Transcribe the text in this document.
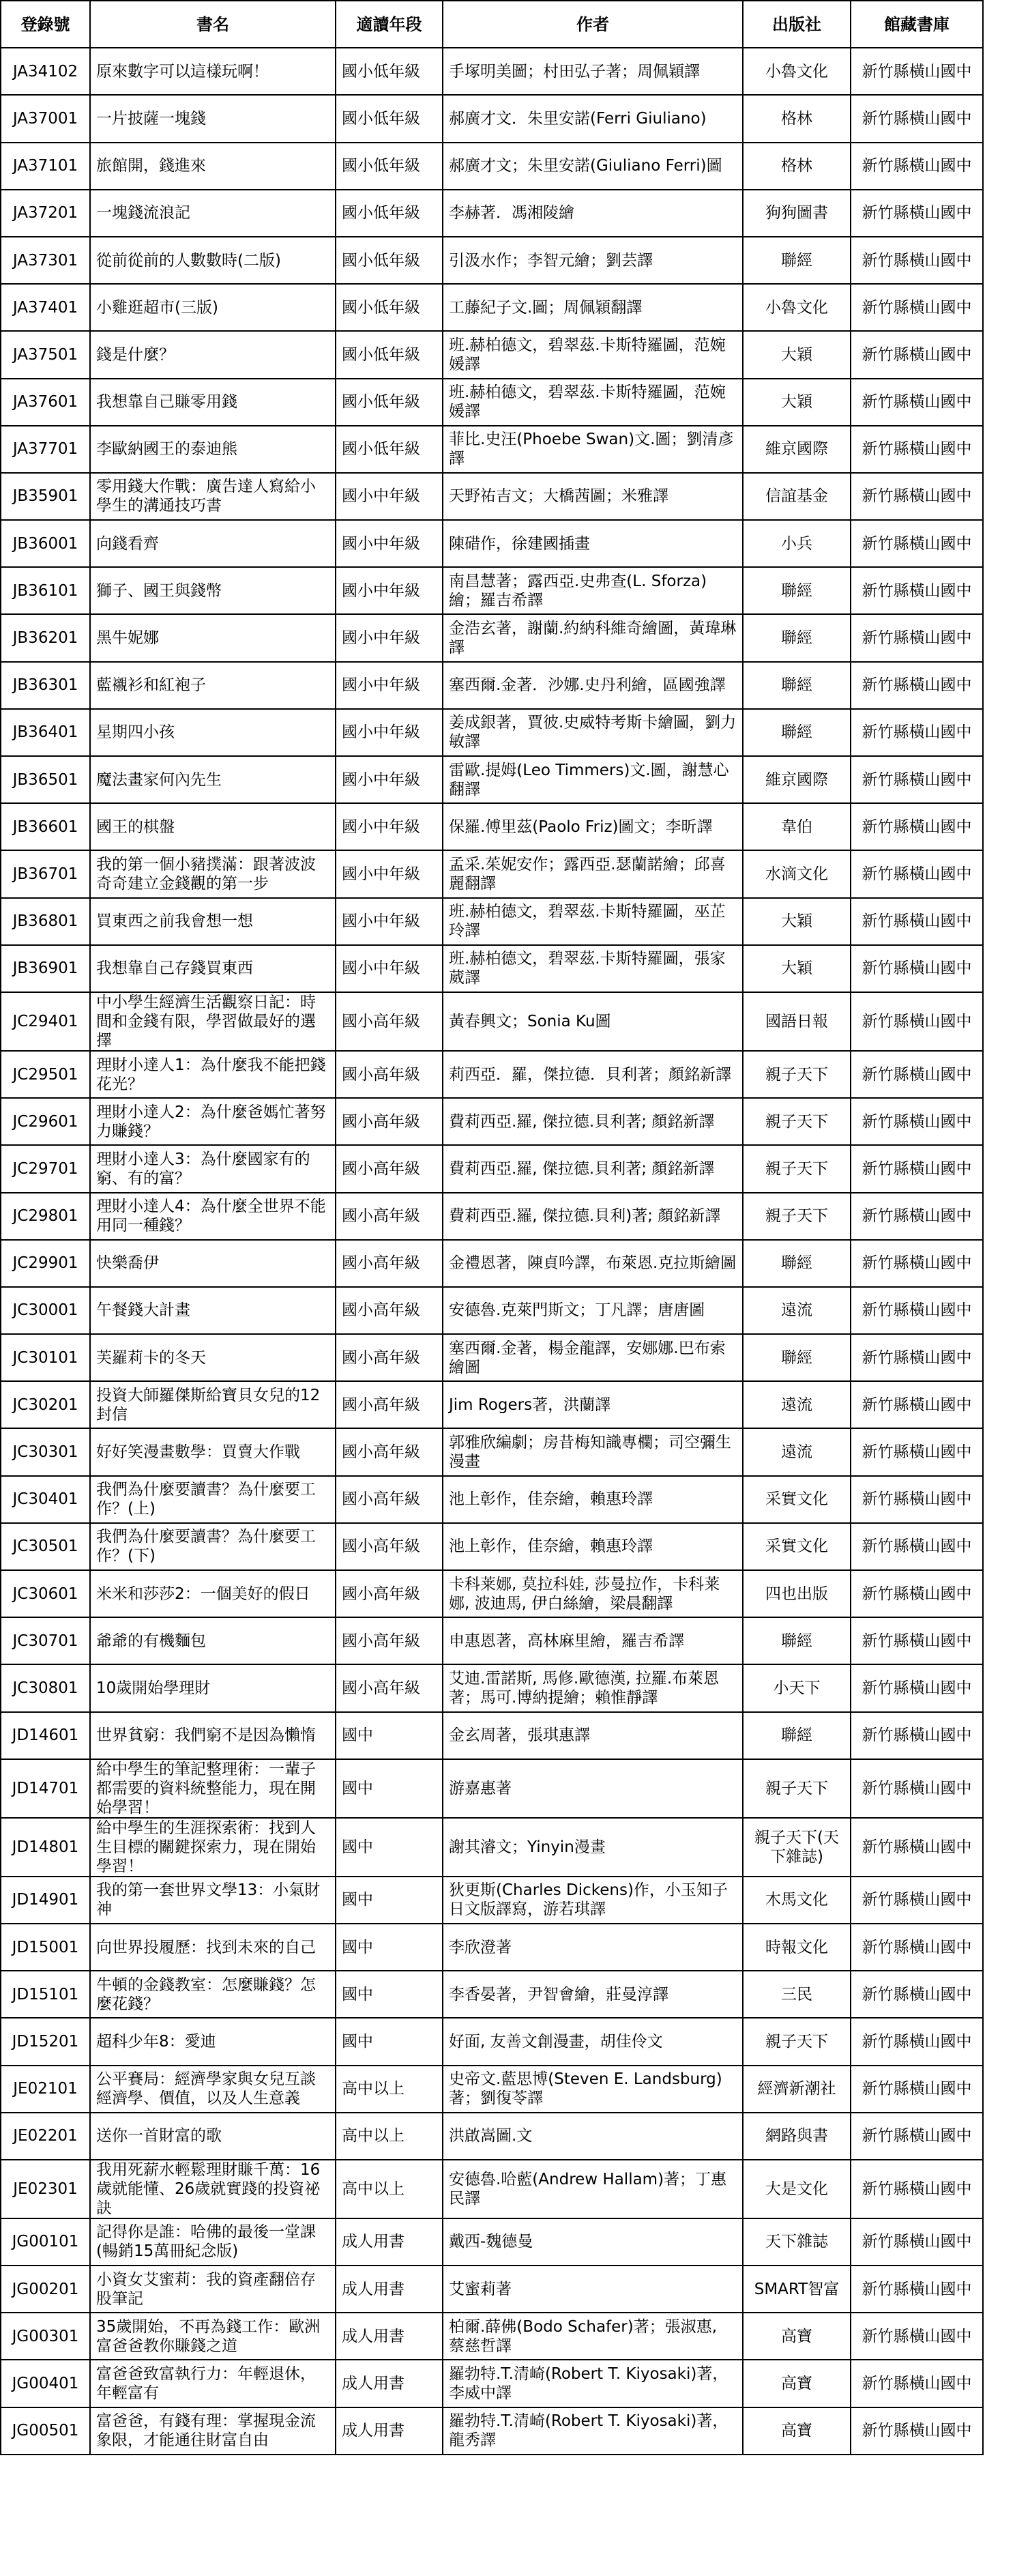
登錄號	書名	適讀年段	作者	出版社	館藏書庫
JA34102	原來數字可以這樣玩啊！	國小低年級	手塚明美圖；村田弘子著；周佩穎譯	小魯文化	新竹縣橫山國中
JA37001	一片披薩一塊錢	國小低年級	郝廣才文．朱里安諾(Ferri Giuliano)	格林	新竹縣橫山國中
JA37101	旅館開，錢進來	國小低年級	郝廣才文；朱里安諾(Giuliano Ferri)圖	格林	新竹縣橫山國中
JA37201	一塊錢流浪記	國小低年級	李赫著．馮湘陵繪	狗狗圖書	新竹縣橫山國中
JA37301	從前從前的人數數時(二版)	國小低年級	引汲水作；李智元繪；劉芸譯	聯經	新竹縣橫山國中
JA37401	小雞逛超市(三版)	國小低年級	工藤紀子文.圖；周佩穎翻譯	小魯文化	新竹縣橫山國中
JA37501	錢是什麼？	國小低年級	班.赫柏德文，碧翠茲.卡斯特羅圖，范婉媛譯	大穎	新竹縣橫山國中
JA37601	我想靠自己賺零用錢	國小低年級	班.赫柏德文，碧翠茲.卡斯特羅圖，范婉媛譯	大穎	新竹縣橫山國中
JA37701	李歐納國王的泰迪熊	國小低年級	菲比.史汪(Phoebe Swan)文.圖；劉清彥譯	維京國際	新竹縣橫山國中
JB35901	零用錢大作戰：廣告達人寫給小學生的溝通技巧書	國小中年級	天野祐吉文；大橋茜圖；米雅譯	信誼基金	新竹縣橫山國中
JB36001	向錢看齊	國小中年級	陳碏作，徐建國插畫	小兵	新竹縣橫山國中
JB36101	獅子、國王與錢幣	國小中年級	南昌慧著；露西亞.史弗查(L. Sforza)繪；羅吉希譯	聯經	新竹縣橫山國中
JB36201	黑牛妮娜	國小中年級	金浩玄著，謝蘭.約納科維奇繪圖，黃瑋琳譯	聯經	新竹縣橫山國中
JB36301	藍襯衫和紅袍子	國小中年級	塞西爾.金著．沙娜.史丹利繪，區國強譯	聯經	新竹縣橫山國中
JB36401	星期四小孩	國小中年級	姜成銀著，賈彼.史威特考斯卡繪圖，劉力敏譯	聯經	新竹縣橫山國中
JB36501	魔法畫家何內先生	國小中年級	雷歐.提姆(Leo Timmers)文.圖，謝慧心翻譯	維京國際	新竹縣橫山國中
JB36601	國王的棋盤	國小中年級	保羅.傅里茲(Paolo Friz)圖文；李昕譯	韋伯	新竹縣橫山國中
JB36701	我的第一個小豬撲滿：跟著波波奇奇建立金錢觀的第一步	國小中年級	孟采.茱妮安作；露西亞.瑟蘭諾繪；邱喜麗翻譯	水滴文化	新竹縣橫山國中
JB36801	買東西之前我會想一想	國小中年級	班.赫柏德文，碧翠茲.卡斯特羅圖，巫芷玲譯	大穎	新竹縣橫山國中
JB36901	我想靠自己存錢買東西	國小中年級	班.赫柏德文，碧翠茲.卡斯特羅圖，張家葳譯	大穎	新竹縣橫山國中
JC29401	中小學生經濟生活觀察日記：時間和金錢有限，學習做最好的選擇	國小高年級	黃春興文；Sonia Ku圖	國語日報	新竹縣橫山國中
JC29501	理財小達人1：為什麼我不能把錢花光？	國小高年級	莉西亞．羅，傑拉德．貝利著；顏銘新譯	親子天下	新竹縣橫山國中
JC29601	理財小達人2：為什麼爸媽忙著努力賺錢？	國小高年級	費莉西亞.羅, 傑拉德.貝利著; 顏銘新譯	親子天下	新竹縣橫山國中
JC29701	理財小達人3：為什麼國家有的窮、有的富？	國小高年級	費莉西亞.羅, 傑拉德.貝利著; 顏銘新譯	親子天下	新竹縣橫山國中
JC29801	理財小達人4：為什麼全世界不能用同一種錢？	國小高年級	費莉西亞.羅, 傑拉德.貝利)著; 顏銘新譯	親子天下	新竹縣橫山國中
JC29901	快樂喬伊	國小高年級	金禮恩著，陳貞吟譯，布萊恩.克拉斯繪圖	聯經	新竹縣橫山國中
JC30001	午餐錢大計畫	國小高年級	安德魯.克萊門斯文；丁凡譯；唐唐圖	遠流	新竹縣橫山國中
JC30101	芙羅莉卡的冬天	國小高年級	塞西爾.金著，楊金龍譯，安娜娜.巴布索繪圖	聯經	新竹縣橫山國中
JC30201	投資大師羅傑斯給寶貝女兒的12封信	國小高年級	Jim Rogers著，洪蘭譯	遠流	新竹縣橫山國中
JC30301	好好笑漫畫數學：買賣大作戰	國小高年級	郭雅欣編劇；房昔梅知識專欄；司空彌生漫畫	遠流	新竹縣橫山國中
JC30401	我們為什麼要讀書？為什麼要工作？(上)	國小高年級	池上彰作，佳奈繪，賴惠玲譯	采實文化	新竹縣橫山國中
JC30501	我們為什麼要讀書？為什麼要工作？(下)	國小高年級	池上彰作，佳奈繪，賴惠玲譯	采實文化	新竹縣橫山國中
JC30601	米米和莎莎2：一個美好的假日	國小高年級	卡科莱娜, 莫拉科娃, 莎曼拉作，卡科莱娜, 波迪馬, 伊白絲繪，梁晨翻譯	四也出版	新竹縣橫山國中
JC30701	爺爺的有機麵包	國小高年級	申惠恩著，高林麻里繪，羅吉希譯	聯經	新竹縣橫山國中
JC30801	10歲開始學理財	國小高年級	艾迪.雷諾斯, 馬修.歐德漢, 拉羅.布萊恩著；馬可.博納提繪；賴惟靜譯	小天下	新竹縣橫山國中
JD14601	世界貧窮：我們窮不是因為懶惰	國中	金玄周著，張琪惠譯	聯經	新竹縣橫山國中
JD14701	給中學生的筆記整理術：一輩子都需要的資料統整能力，現在開始學習！	國中	游嘉惠著	親子天下	新竹縣橫山國中
JD14801	給中學生的生涯探索術：找到人生目標的關鍵探索力，現在開始學習！	國中	謝其濬文；Yinyin漫畫	親子天下(天下雜誌)	新竹縣橫山國中
JD14901	我的第一套世界文學13：小氣財神	國中	狄更斯(Charles Dickens)作，小玉知子日文版譯寫，游若琪譯	木馬文化	新竹縣橫山國中
JD15001	向世界投履歷：找到未來的自己	國中	李欣澄著	時報文化	新竹縣橫山國中
JD15101	牛頓的金錢教室：怎麼賺錢？怎麼花錢？	國中	李香晏著，尹智會繪，莊曼淳譯	三民	新竹縣橫山國中
JD15201	超科少年8：愛迪	國中	好面, 友善文創漫畫，胡佳伶文	親子天下	新竹縣橫山國中
JE02101	公平賽局：經濟學家與女兒互談經濟學、價值，以及人生意義	高中以上	史帝文.藍思博(Steven E. Landsburg)著；劉復苓譯	經濟新潮社	新竹縣橫山國中
JE02201	送你一首財富的歌	高中以上	洪啟嵩圖.文	網路與書	新竹縣橫山國中
JE02301	我用死薪水輕鬆理財賺千萬：16歲就能懂、26歲就實踐的投資祕訣	高中以上	安德魯.哈藍(Andrew Hallam)著；丁惠民譯	大是文化	新竹縣橫山國中
JG00101	記得你是誰：哈佛的最後一堂課(暢銷15萬冊紀念版)	成人用書	戴西-魏德曼	天下雜誌	新竹縣橫山國中
JG00201	小資女艾蜜莉：我的資產翻倍存股筆記	成人用書	艾蜜莉著	SMART智富	新竹縣橫山國中
JG00301	35歲開始，不再為錢工作：歐洲富爸爸教你賺錢之道	成人用書	柏爾.薛佛(Bodo Schafer)著；張淑惠, 蔡慈哲譯	高寶	新竹縣橫山國中
JG00401	富爸爸致富執行力：年輕退休，年輕富有	成人用書	羅勃特.T.清崎(Robert T. Kiyosaki)著，李威中譯	高寶	新竹縣橫山國中
JG00501	富爸爸，有錢有理：掌握現金流象限，才能通往財富自由	成人用書	羅勃特.T.清崎(Robert T. Kiyosaki)著，龍秀譯	高寶	新竹縣橫山國中
